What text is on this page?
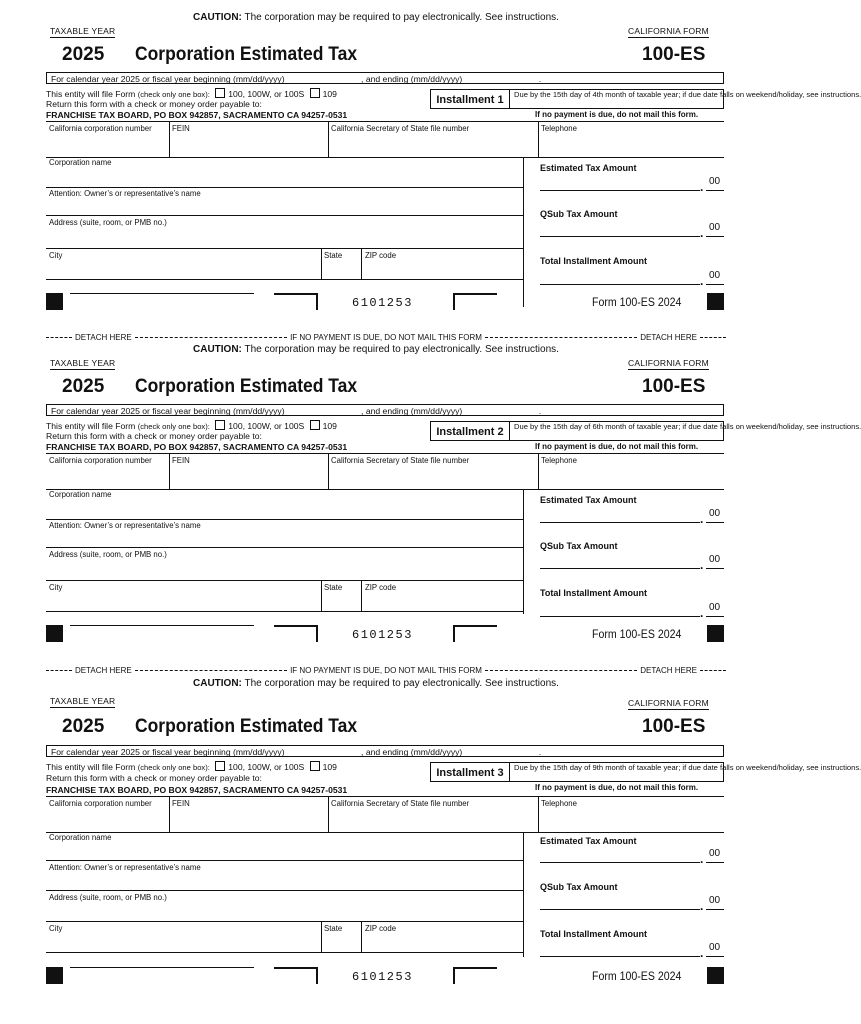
CAUTION: The corporation may be required to pay electronically. See instructions.
TAXABLE YEAR	CALIFORNIA FORM
2025 Corporation Estimated Tax	100-ES
For calendar year 2025 or fiscal year beginning (mm/dd/yyyy)________________, and ending (mm/dd/yyyy)________________.
This entity will file Form (check only one box): 100, 100W, or 100S 109
Return this form with a check or money order payable to:	Installment 1	Due by the 15th day of 4th month of taxable year; if due date falls on weekend/holiday, see instructions.
FRANCHISE TAX BOARD, PO BOX 942857, SACRAMENTO CA 94257-0531	If no payment is due, do not mail this form.
California corporation number	FEIN	California Secretary of State file number	Telephone
Corporation name
Attention: Owner’s or representative’s name
Address (suite, room, or PMB no.)
City	State	ZIP code
Estimated Tax Amount
. 00
QSub Tax Amount
. 00
Total Installment Amount
. 00
6101253	Form 100-ES 2024
DETACH HERE	IF NO PAYMENT IS DUE, DO NOT MAIL THIS FORM	DETACH HERE
CAUTION: The corporation may be required to pay electronically. See instructions.
TAXABLE YEAR	CALIFORNIA FORM
2025 Corporation Estimated Tax	100-ES
For calendar year 2025 or fiscal year beginning (mm/dd/yyyy)________________, and ending (mm/dd/yyyy)________________.
This entity will file Form (check only one box): 100, 100W, or 100S 109
Return this form with a check or money order payable to:	Installment 2	Due by the 15th day of 6th month of taxable year; if due date falls on weekend/holiday, see instructions.
FRANCHISE TAX BOARD, PO BOX 942857, SACRAMENTO CA 94257-0531	If no payment is due, do not mail this form.
California corporation number	FEIN	California Secretary of State file number	Telephone
Corporation name
Attention: Owner’s or representative’s name
Address (suite, room, or PMB no.)
City	State	ZIP code
Estimated Tax Amount
. 00
QSub Tax Amount
. 00
Total Installment Amount
. 00
6101253	Form 100-ES 2024
DETACH HERE	IF NO PAYMENT IS DUE, DO NOT MAIL THIS FORM	DETACH HERE
CAUTION: The corporation may be required to pay electronically. See instructions.
TAXABLE YEAR	CALIFORNIA FORM
2025 Corporation Estimated Tax	100-ES
For calendar year 2025 or fiscal year beginning (mm/dd/yyyy)________________, and ending (mm/dd/yyyy)________________.
This entity will file Form (check only one box): 100, 100W, or 100S 109
Return this form with a check or money order payable to:	Installment 3	Due by the 15th day of 9th month of taxable year; if due date falls on weekend/holiday, see instructions.
FRANCHISE TAX BOARD, PO BOX 942857, SACRAMENTO CA 94257-0531	If no payment is due, do not mail this form.
California corporation number	FEIN	California Secretary of State file number	Telephone
Corporation name
Attention: Owner’s or representative’s name
Address (suite, room, or PMB no.)
City	State	ZIP code
Estimated Tax Amount
. 00
QSub Tax Amount
. 00
Total Installment Amount
. 00
6101253	Form 100-ES 2024
